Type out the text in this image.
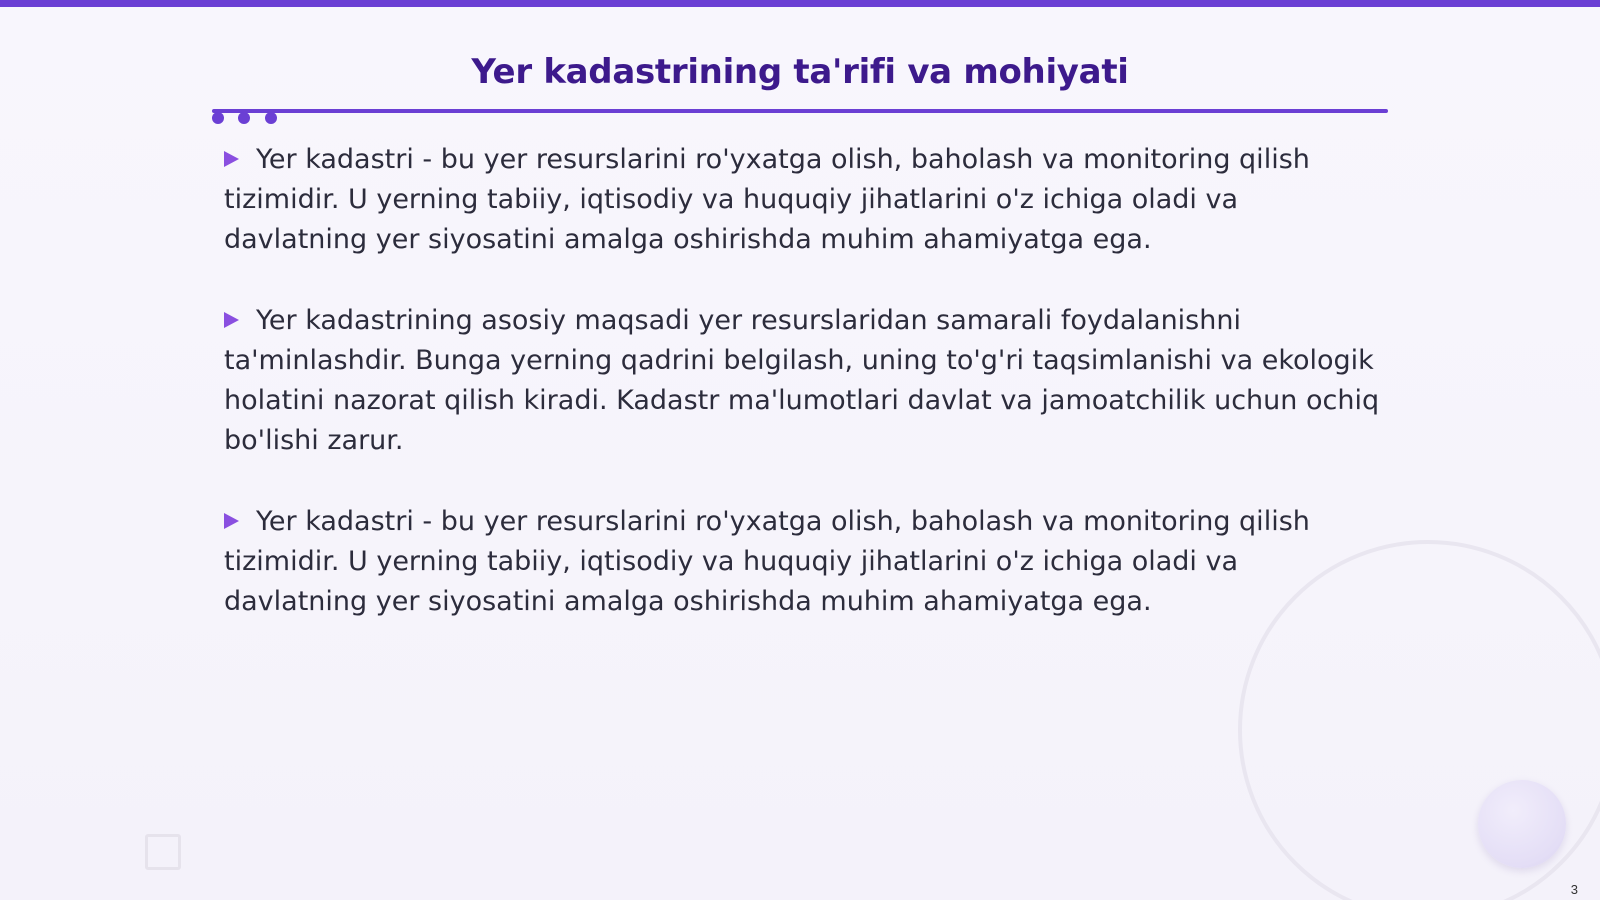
Yer kadastrining ta'rifi va mohiyati

Yer kadastri - bu yer resurslarini ro'yxatga olish, baholash va monitoring qilish tizimidir. U yerning tabiiy, iqtisodiy va huquqiy jihatlarini o'z ichiga oladi va davlatning yer siyosatini amalga oshirishda muhim ahamiyatga ega.

Yer kadastrining asosiy maqsadi yer resurslaridan samarali foydalanishni ta'minlashdir. Bunga yerning qadrini belgilash, uning to'g'ri taqsimlanishi va ekologik holatini nazorat qilish kiradi. Kadastr ma'lumotlari davlat va jamoatchilik uchun ochiq bo'lishi zarur.

Yer kadastri - bu yer resurslarini ro'yxatga olish, baholash va monitoring qilish tizimidir. U yerning tabiiy, iqtisodiy va huquqiy jihatlarini o'z ichiga oladi va davlatning yer siyosatini amalga oshirishda muhim ahamiyatga ega.

3
